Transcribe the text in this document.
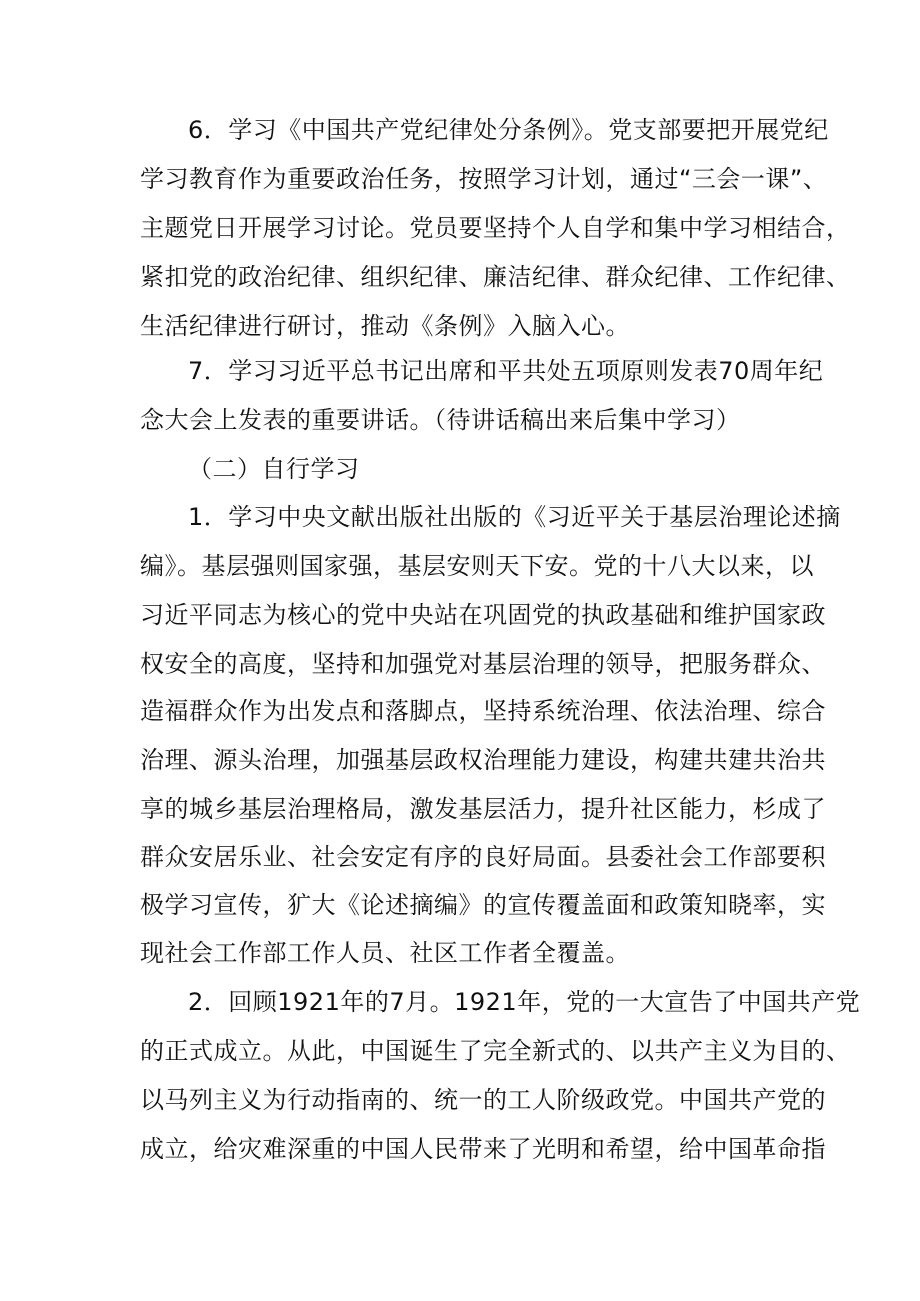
6．学习《中国共产党纪律处分条例》。党支部要把开展党纪
学习教育作为重要政治任务，按照学习计划，通过“三会一课”、
主题党日开展学习讨论。党员要坚持个人自学和集中学习相结合，
紧扣党的政治纪律、组织纪律、廉洁纪律、群众纪律、工作纪律、
生活纪律进行研讨，推动《条例》入脑入心。
7．学习习近平总书记出席和平共处五项原则发表70周年纪
念大会上发表的重要讲话。（待讲话稿出来后集中学习）
（二）自行学习
1．学习中央文献出版社出版的《习近平关于基层治理论述摘
编》。基层强则国家强，基层安则天下安。党的十八大以来，以
习近平同志为核心的党中央站在巩固党的执政基础和维护国家政
权安全的高度，坚持和加强党对基层治理的领导，把服务群众、
造福群众作为出发点和落脚点，坚持系统治理、依法治理、综合
治理、源头治理，加强基层政权治理能力建设，构建共建共治共
享的城乡基层治理格局，激发基层活力，提升社区能力，杉成了
群众安居乐业、社会安定有序的良好局面。县委社会工作部要积
极学习宣传，犷大《论述摘编》的宣传覆盖面和政策知晓率，实
现社会工作部工作人员、社区工作者全覆盖。
2．回顾1921年的7月。1921年，党的一大宣告了中国共产党
的正式成立。从此，中国诞生了完全新式的、以共产主义为目的、
以马列主义为行动指南的、统一的工人阶级政党。中国共产党的
成立，给灾难深重的中国人民带来了光明和希望，给中国革命指
